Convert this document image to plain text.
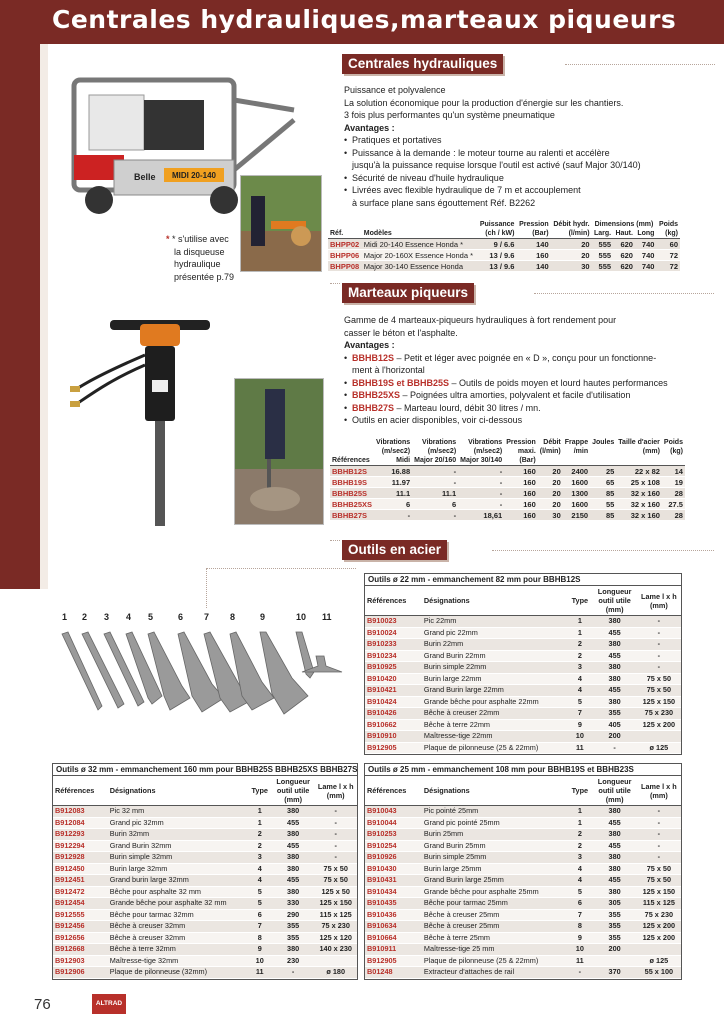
Centrales hydrauliques,marteaux piqueurs
Centrales hydrauliques
MIDI 20-140
Belle
* * s'utilise avec
la disqueuse
hydraulique
présentée p.79
Puissance et polyvalence
La solution économique pour la production d'énergie sur les chantiers.
3 fois plus performantes qu'un système pneumatique
Avantages :
• Pratiques et portatives
• Puissance à la demande : le moteur tourne au ralenti et accélère
jusqu'à la puissance requise lorsque l'outil est activé (sauf Major 30/140)
• Sécurité de niveau d'huile hydraulique
• Livrées avec flexible hydraulique de 7 m et accouplement
à surface plane sans égouttement Réf. B2262
		Puissance	Pression	Débit hydr.	Dimensions (mm)			Poids
Réf.	Modèles	(ch / kW)	(Bar)	(l/min)	Larg.	Haut.	Long	(kg)
BHPP02	Midi 20-140 Essence Honda *	9 / 6.6	140	20	555	620	740	60
BHPP06	Major 20-160X Essence Honda *	13 / 9.6	160	20	555	620	740	72
BHPP08	Major 30-140 Essence Honda	13 / 9.6	140	30	555	620	740	72
Marteaux piqueurs
Gamme de 4 marteaux-piqueurs hydrauliques à fort rendement pour
casser le béton et l'asphalte.
Avantages :
• BBHB12S – Petit et léger avec poignée en « D », conçu pour un fonctionne-
ment à l'horizontal
• BBHB19S et BBHB25S – Outils de poids moyen et lourd hautes performances
• BBHB25XS – Poignées ultra amorties, polyvalent et facile d'utilisation
• BBHB27S – Marteau lourd, débit 30 litres / mn.
• Outils en acier disponibles, voir ci-dessous
	Vibrations	Vibrations	Vibrations	Pression	Débit	Frappe	Joules	Taille d'acier	Poids
	(m/sec2)	(m/sec2)	(m/sec2)	maxi.	(l/min)	/min		(mm)	(kg)
Références	Midi	Major 20/160	Major 30/140	(Bar)					
BBHB12S	16.88	-	-	160	20	2400	25	22 x 82	14
BBHB19S	11.97	-	-	160	20	1600	65	25 x 108	19
BBHB25S	11.1	11.1	-	160	20	1300	85	32 x 160	28
BBHB25XS	6	6	-	160	20	1600	55	32 x 160	27.5
BBHB27S	-	-	18,61	160	30	2150	85	32 x 160	28
Outils en acier
1 2 3 4 5	6 7 8	9	10 11
Outils ø 22 mm - emmanchement 82 mm pour BBHB12S
Références	Désignations	Type	Longueur outil utile (mm)	Lame l x h (mm)
B910023	Pic 22mm	1	380	-
B910024	Grand pic 22mm	1	455	-
B910233	Burin 22mm	2	380	-
B910234	Grand Burin 22mm	2	455	-
B910925	Burin simple 22mm	3	380	-
B910420	Burin large 22mm	4	380	75 x 50
B910421	Grand Burin large 22mm	4	455	75 x 50
B910424	Grande bêche pour asphalte 22mm	5	380	125 x 150
B910426	Bêche à creuser 22mm	7	355	75 x 230
B910662	Bêche à terre 22mm	9	405	125 x 200
B910910	Maîtresse-tige 22mm	10	200	
B912905	Plaque de pilonneuse (25 & 22mm)	11	-	ø 125
Outils ø 32 mm - emmanchement 160 mm pour BBHB25S BBHB25XS BBHB27S
Références	Désignations	Type	Longueur outil utile (mm)	Lame l x h (mm)
B912083	Pic 32 mm	1	380	-
B912084	Grand pic 32mm	1	455	-
B912293	Burin 32mm	2	380	-
B912294	Grand Burin 32mm	2	455	-
B912928	Burin simple 32mm	3	380	-
B912450	Burin large 32mm	4	380	75 x 50
B912451	Grand burin large 32mm	4	455	75 x 50
B912472	Bêche pour asphalte 32 mm	5	380	125 x 50
B912454	Grande bêche pour asphalte 32 mm	5	330	125 x 150
B912555	Bêche pour tarmac 32mm	6	290	115 x 125
B912456	Bêche à creuser 32mm	7	355	75 x 230
B912656	Bêche à creuser 32mm	8	355	125 x 120
B912668	Bêche à terre 32mm	9	380	140 x 230
B912903	Maîtresse-tige 32mm	10	230	
B912906	Plaque de pilonneuse (32mm)	11	-	ø 180
Outils ø 25 mm - emmanchement 108 mm pour BBHB19S et BBHB23S
Références	Désignations	Type	Longueur outil utile (mm)	Lame l x h (mm)
B910043	Pic pointé 25mm	1	380	-
B910044	Grand pic pointé 25mm	1	455	-
B910253	Burin 25mm	2	380	-
B910254	Grand Burin 25mm	2	455	-
B910926	Burin simple 25mm	3	380	-
B910430	Burin large 25mm	4	380	75 x 50
B910431	Grand Burin large 25mm	4	455	75 x 50
B910434	Grande bêche pour asphalte 25mm	5	380	125 x 150
B910435	Bêche pour tarmac 25mm	6	305	115 x 125
B910436	Bêche à creuser 25mm	7	355	75 x 230
B910634	Bêche à creuser 25mm	8	355	125 x 200
B910664	Bêche à terre 25mm	9	355	125 x 200
B910911	Maîtresse-tige 25 mm	10	200	
B912905	Plaque de pilonneuse (25 & 22mm)	11		ø 125
B01248	Extracteur d'attaches de rail	-	370	55 x 100
76	ALTRAD
